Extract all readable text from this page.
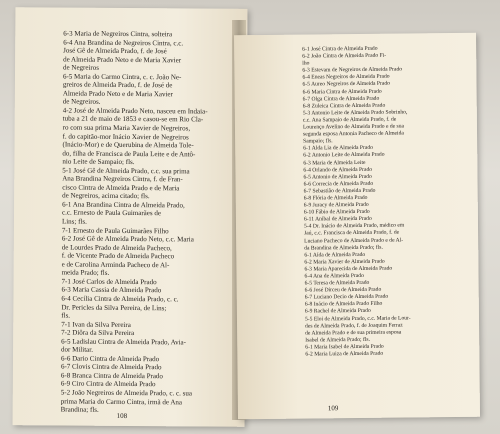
6-3 Maria de Negreiros Cintra, solteira
6-4 Ana Brandina de Negreiros Cintra, c.c.
José Gê de Almeida Prado, f. de José
de Almeida Prado Neto e de Maria Xavier
de Negreiros
6-5 Maria do Carmo Cintra, c. c. João Ne-
greiros de Almeida Prado, f. de José de
Almeida Prado Neto e de Maria Xavier
de Negreiros.
4-2 José de Almeida Prado Neto, nasceu em Indaia-
tuba a 21 de maio de 1853 e casou-se em Rio Cla-
ro com sua prima Maria Xavier de Negreiros,
f. do capitão-mor Inácio Xavier de Negreiros
(Inácio-Mor) e de Querubina de Almeida Tole-
do, filha de Francisca de Paula Leite e de Antô-
nio Leite de Sampaio; fls.
5-1 José Gê de Almeida Prado, c.c. sua prima
Ana Brandina Negreiros Cintra, f. de Fran-
cisco Cintra de Almeida Prado e de Maria
de Negreiros, acima citado; fls.
6-1 Ana Brandina Cintra de Almeida Prado,
c.c. Ernesto de Paula Guimarães de
Lins; fls.
7-1 Ernesto de Paula Guimarães Filho
6-2 José Gê de Almeida Prado Neto, c.c. Maria
de Lourdes Prado de Almeida Pacheco,
f. de Vicente Prado de Almeida Pacheco
e de Carolina Arminda Pacheco de Al-
meida Prado; fls.
7-1 José Carlos de Almeida Prado
6-3 Maria Cassia de Almeida Prado
6-4 Cecília Cintra de Almeida Prado, c. c.
Dr. Pericles da Silva Pereira, de Lins;
fls.
7-1 Ivan da Silva Pereira
7-2 Diôra da Silva Pereira
6-5 Ladislau Cintra de Almeida Prado, Avia-
dor Militar.
6-6 Dario Cintra de Almeida Prado
6-7 Clovis Cintra de Almeida Prado
6-8 Branca Cintra de Almeida Prado
6-9 Ciro Cintra de Almeida Prado
5-2 João Negreiros de Almeida Prado, c. c. sua
prima Maria do Carmo Cintra, irmã de Ana
Brandina; fls.
108
6-1 José Cintra de Almeida Prado
6-2 João Cintra de Almeida Prado Fi-
lho
6-3 Estevam de Negreiros de Almeida Prado
6-4 Eneas Negreiros de Almeida Prado
6-5 Aureo Negreiros de Almeida Prado
6-6 Maria Cintra de Almeida Prado
6-7 Olga Cintra de Almeida Prado
6-8 Zuleica Cintra de Almeida Prado
5-3 Antonio Leite de Almeida Prado Sobrinho,
c.c. Ana Sampaio de Almeida Prado, f. de
Lourenço Avelino de Almeida Prado e de sua
segunda esposa Antonia Pacheco de Almeida
Sampaio; fls.
6-1 Alda Lia de Almeida Prado
6-2 Antonio Leite de Almeida Prado
6-3 Maria de Almeida Leite
6-4 Orlando de Almeida Prado
6-5 Antonio de Almeida Prado
6-6 Correcia de Almeida Prado
6-7 Sebastião de Almeida Prado
6-8 Flória de Almeida Prado
6-9 Juracy de Almeida Prado
6-10 Fábio de Almeida Prado
6-11 Aníbal de Almeida Prado
5-4 Dr. Inácio de Almeida Prado, médico em
Jaú, c.c. Francisca de Almeida Prado, f. de
Luciano Pacheco de Almeida Prado e de Al-
da Brandina de Almeida Prado; fls.
6-1 Aída de Almeida Prado
6-2 Maria Xavier de Almeida Prado
6-3 Maria Aparecida de Almeida Prado
6-4 Ana de Almeida Prado
6-5 Teresa de Almeida Prado
6-6 José Dirceu de Almeida Prado
6-7 Luciano Decio de Almeida Prado
6-8 Inácio de Almeida Prado Filho
6-9 Rachel de Almeida Prado
5-5 Eloi de Almeida Prado, c.c. Maria de Lour-
des de Almeida Prado, f. de Joaquim Ferraz
de Almeida Prado e de sua primeira esposa
Isabel de Almeida Prado; fls.
6-1 Maria Isabel de Almeida Prado
6-2 Maria Luiza de Almeida Prado
109
